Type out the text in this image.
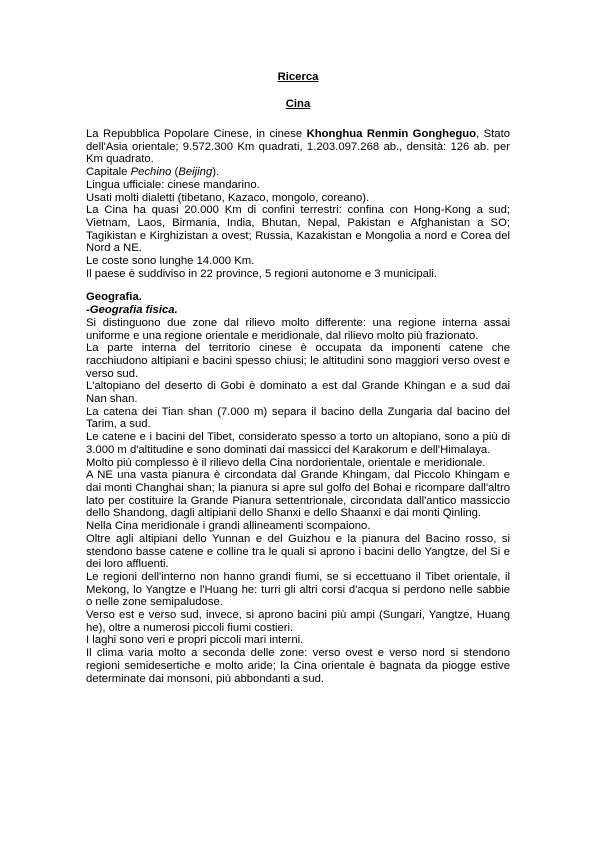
Ricerca
Cina

La Repubblica Popolare Cinese, in cinese Khonghua Renmin Gongheguo, Stato dell'Asia orientale; 9.572.300 Km quadrati, 1.203.097.268 ab., densità: 126 ab. per Km quadrato.

Capitale Pechino (Beijing).

Lingua ufficiale: cinese mandarino.

Usati molti dialetti (tibetano, Kazaco, mongolo, coreano).

La Cina ha quasi 20.000 Km di confini terrestri: confina con Hong-Kong a sud; Vietnam, Laos, Birmania, India, Bhutan, Nepal, Pakistan e Afghanistan a SO; Tagikistan e Kirghizistan a ovest; Russia, Kazakistan e Mongolia a nord e Corea del Nord a NE.

Le coste sono lunghe 14.000 Km.

Il paese è suddiviso in 22 province, 5 regioni autonome e 3 municipali.

Geografia.

-Geografia fisica.

Si distinguono due zone dal rilievo molto differente: una regione interna assai uniforme e una regione orientale e meridionale, dal rilievo molto più frazionato.

La parte interna del territorio cinese è occupata da imponenti catene che racchiudono altipiani e bacini spesso chiusi; le altitudini sono maggiori verso ovest e verso sud.

L'altopiano del deserto di Gobi è dominato a est dal Grande Khingan e a sud dai Nan shan.

La catena dei Tian shan (7.000 m) separa il bacino della Zungaria dal bacino del Tarim, a sud.

Le catene e i bacini del Tibet, considerato spesso a torto un altopiano, sono a più di 3.000 m d'altitudine e sono dominati dai massicci del Karakorum e dell'Himalaya.

Molto più complesso è il rilievo della Cina nordorientale, orientale e meridionale.

A NE una vasta pianura è circondata dal Grande Khingam, dal Piccolo Khingam e dai monti Changhai shan; la pianura si apre sul golfo del Bohai e ricompare dall'altro lato per costituire la Grande Pianura settentrionale, circondata dall'antico massiccio dello Shandong, dagli altipiani dello Shanxi e dello Shaanxi e dai monti Qinling.

Nella Cina meridionale i grandi allineamenti scompaiono.

Oltre agli altipiani dello Yunnan e del Guizhou e la pianura del Bacino rosso, si stendono basse catene e colline tra le quali si aprono i bacini dello Yangtze, del Si e dei loro affluenti.

Le regioni dell'interno non hanno grandi fiumi, se si eccettuano il Tibet orientale, il Mekong, lo Yangtze e l'Huang he: turri gli altri corsi d'acqua si perdono nelle sabbie o nelle zone semipaludose.

Verso est e verso sud, invece, si aprono bacini più ampi (Sungari, Yangtze, Huang he), oltre a numerosi piccoli fiumi costieri.

I laghi sono veri e propri piccoli mari interni.

Il clima varia molto a seconda delle zone: verso ovest e verso nord si stendono regioni semidesertiche e molto aride; la Cina orientale è bagnata da piogge estive determinate dai monsoni, più abbondanti a sud.
